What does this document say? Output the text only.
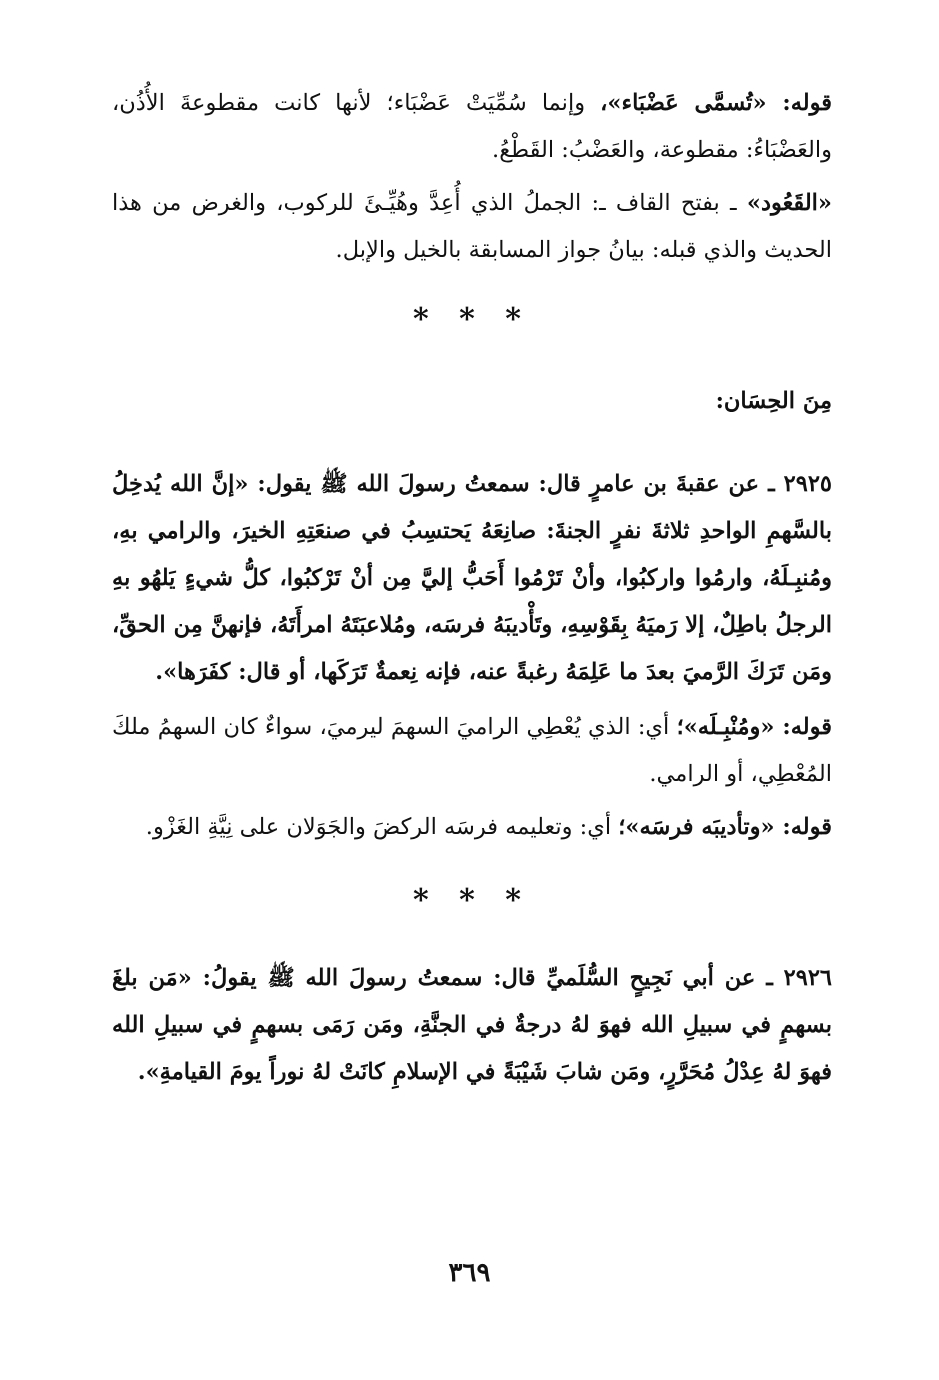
قوله: «تُسمَّى عَضْبَاء»، وإنما سُمِّيَتْ عَضْبَاء؛ لأنها كانت مقطوعةَ الأُذُن، والعَضْبَاءُ: مقطوعة، والعَضْبُ: القَطْعُ.

«القَعُود» ـ بفتح القاف ـ: الجملُ الذي أُعِدَّ وهُيِّـئَ للركوب، والغرض من هذا الحديث والذي قبله: بيانُ جواز المسابقة بالخيل والإبل.

* * *

مِنَ الحِسَان:

٢٩٢٥ ـ عن عقبةَ بن عامرٍ قال: سمعتُ رسولَ الله ﷺ يقول: «إنَّ الله يُدخِلُ بالسَّهمِ الواحدِ ثلاثةَ نفرٍ الجنةَ: صانِعَهُ يَحتسِبُ في صنعَتِهِ الخيرَ، والرامي بهِ، ومُنبِـلَهُ، وارمُوا واركبُوا، وأنْ تَرْمُوا أَحَبُّ إليَّ مِن أنْ تَرْكبُوا، كلُّ شيءٍ يَلهُو بهِ الرجلُ باطِلٌ، إلا رَميَهُ بِقَوْسِهِ، وتَأْديبَهُ فرسَه، ومُلاعبَتَهُ امرأَتَهُ، فإنهنَّ مِن الحقِّ، ومَن تَرَكَ الرَّميَ بعدَ ما عَلِمَهُ رغبةً عنه، فإنه نِعمةٌ تَرَكَها، أو قال: كفَرَها».

قوله: «ومُنْبِـلَه»؛ أي: الذي يُعْطِي الراميَ السهمَ ليرميَ، سواءٌ كان السهمُ ملكَ المُعْطِي، أو الرامي.

قوله: «وتأديبَه فرسَه»؛ أي: وتعليمه فرسَه الركضَ والجَوَلان على نِيَّةِ الغَزْو.

* * *

٢٩٢٦ ـ عن أبي نَجِيحٍ السُّلَميِّ قال: سمعتُ رسولَ الله ﷺ يقولُ: «مَن بلغَ بسهمٍ في سبيلِ الله فهوَ لهُ درجةٌ في الجنَّةِ، ومَن رَمَى بسهمٍ في سبيلِ الله فهوَ لهُ عِدْلُ مُحَرَّرٍ، ومَن شابَ شَيْبَةً في الإسلامِ كانَتْ لهُ نوراً يومَ القيامةِ».

٣٦٩
